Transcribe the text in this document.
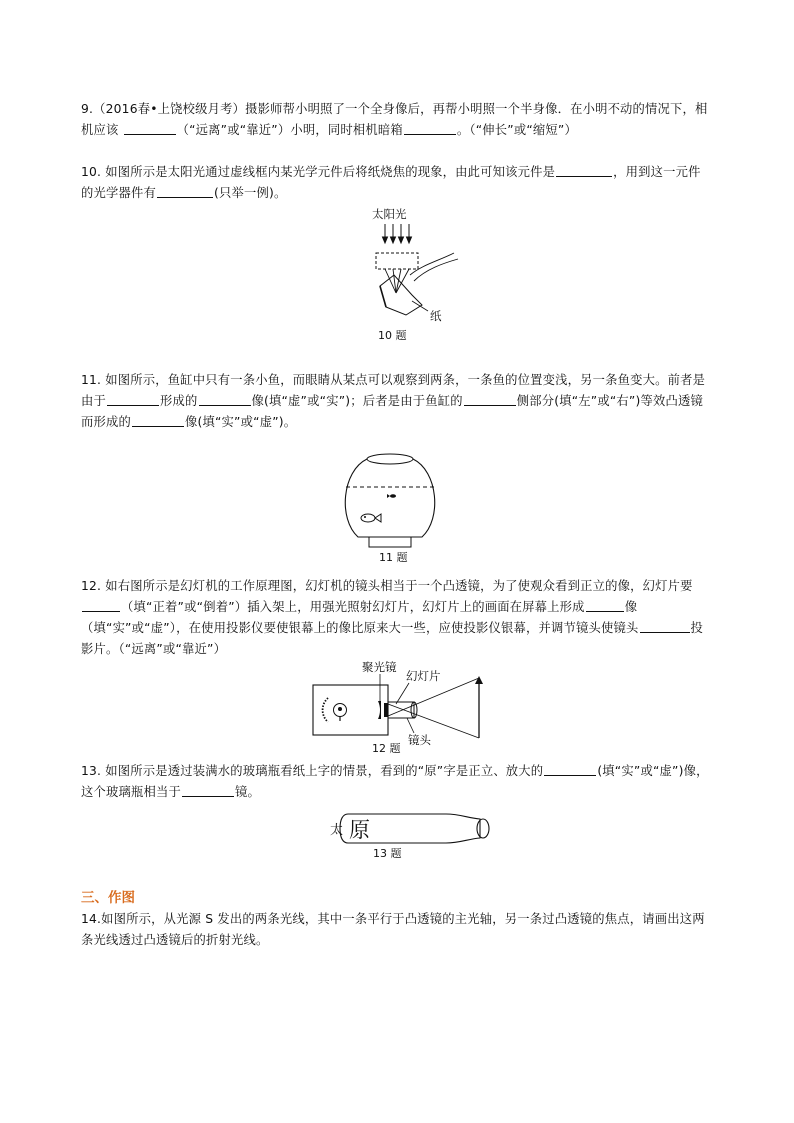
9.（2016春•上饶校级月考）摄影师帮小明照了一个全身像后，再帮小明照一个半身像．在小明不动的情况下，相机应该	（“远离”或“靠近”）小明，同时相机暗箱	。（“伸长”或“缩短”）

10. 如图所示是太阳光通过虚线框内某光学元件后将纸烧焦的现象，由此可知该元件是	，用到这一元件的光学器件有	(只举一例)。

太阳光
纸
10 题

11. 如图所示，鱼缸中只有一条小鱼，而眼睛从某点可以观察到两条，一条鱼的位置变浅，另一条鱼变大。前者是由于	形成的	像(填“虚”或“实”)；后者是由于鱼缸的	侧部分(填“左”或“右”)等效凸透镜而形成的	像(填“实”或“虚”)。

11 题

12. 如右图所示是幻灯机的工作原理图，幻灯机的镜头相当于一个凸透镜，为了使观众看到正立的像，幻灯片要（填“正着”或“倒着”）插入架上，用强光照射幻灯片，幻灯片上的画面在屏幕上形成	像（填“实”或“虚”），在使用投影仪要使银幕上的像比原来大一些，应使投影仪银幕，并调节镜头使镜头	投影片。（“远离”或“靠近”）

聚光镜
幻灯片
镜头
12 题

13. 如图所示是透过装满水的玻璃瓶看纸上字的情景，看到的“原”字是正立、放大的	(填“实”或“虚”)像，这个玻璃瓶相当于	镜。

太 原
13 题

三、作图

14.如图所示，从光源 S 发出的两条光线，其中一条平行于凸透镜的主光轴，另一条过凸透镜的焦点，请画出这两条光线透过凸透镜后的折射光线。
